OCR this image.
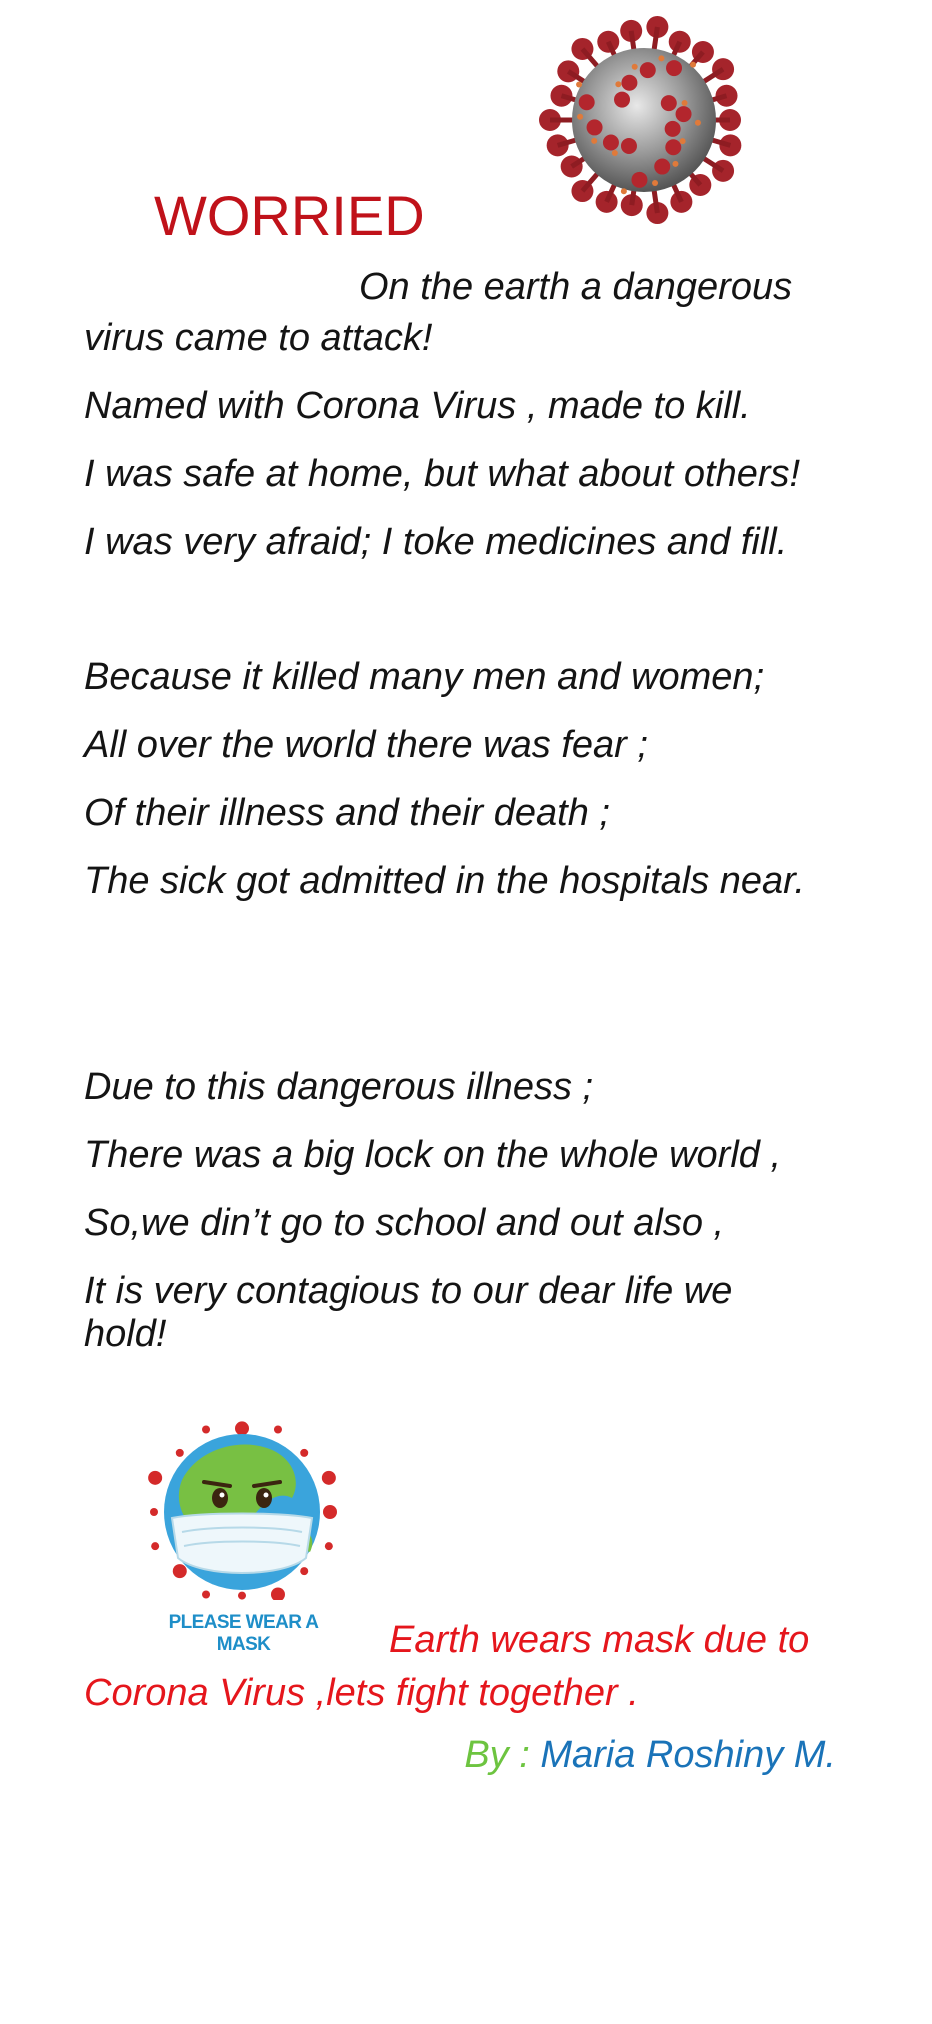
WORRIED
On the earth a dangerous
virus came to attack!
Named with Corona Virus , made to kill.
I was safe at home, but what about others!
I was very afraid; I toke medicines and fill.
Because it killed many men and women;
All over the world there was fear ;
Of their illness and their death ;
The sick got admitted in the hospitals near.
Due to this dangerous illness ;
There was a big lock on the whole world ,
So,we din’t go to school and out also ,
It is very contagious to our dear life we hold!
PLEASE WEAR A MASK	Earth wears mask due to
Corona Virus ,lets fight together .
By : Maria Roshiny M.
